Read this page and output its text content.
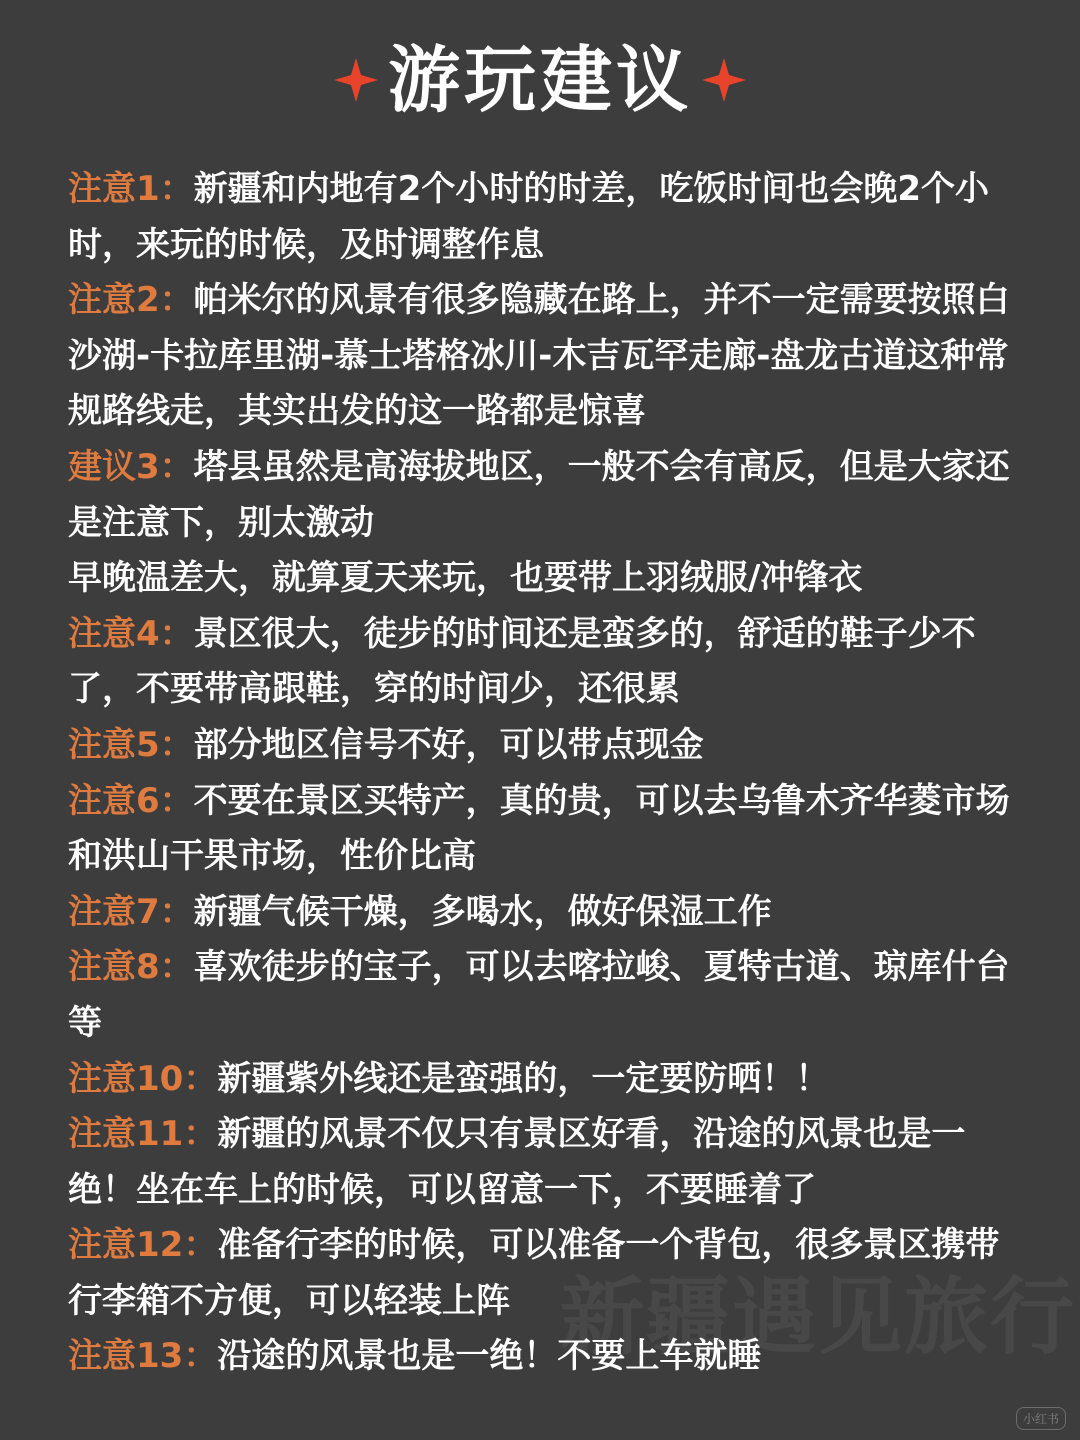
游玩建议
注意1：新疆和内地有2个小时的时差，吃饭时间也会晚2个小时，来玩的时候，及时调整作息
注意2：帕米尔的风景有很多隐藏在路上，并不一定需要按照白沙湖-卡拉库里湖-慕士塔格冰川-木吉瓦罕走廊-盘龙古道这种常规路线走，其实出发的这一路都是惊喜
建议3：塔县虽然是高海拔地区，一般不会有高反，但是大家还是注意下，别太激动
早晚温差大，就算夏天来玩，也要带上羽绒服/冲锋衣
注意4：景区很大，徒步的时间还是蛮多的，舒适的鞋子少不了，不要带高跟鞋，穿的时间少，还很累
注意5：部分地区信号不好，可以带点现金
注意6：不要在景区买特产，真的贵，可以去乌鲁木齐华菱市场和洪山干果市场，性价比高
注意7：新疆气候干燥，多喝水，做好保湿工作
注意8：喜欢徒步的宝子，可以去喀拉峻、夏特古道、琼库什台等
注意10：新疆紫外线还是蛮强的，一定要防晒！！
注意11：新疆的风景不仅只有景区好看，沿途的风景也是一绝！坐在车上的时候，可以留意一下，不要睡着了
注意12：准备行李的时候，可以准备一个背包，很多景区携带行李箱不方便，可以轻装上阵
注意13：沿途的风景也是一绝！不要上车就睡
新疆遇见旅行
小红书
